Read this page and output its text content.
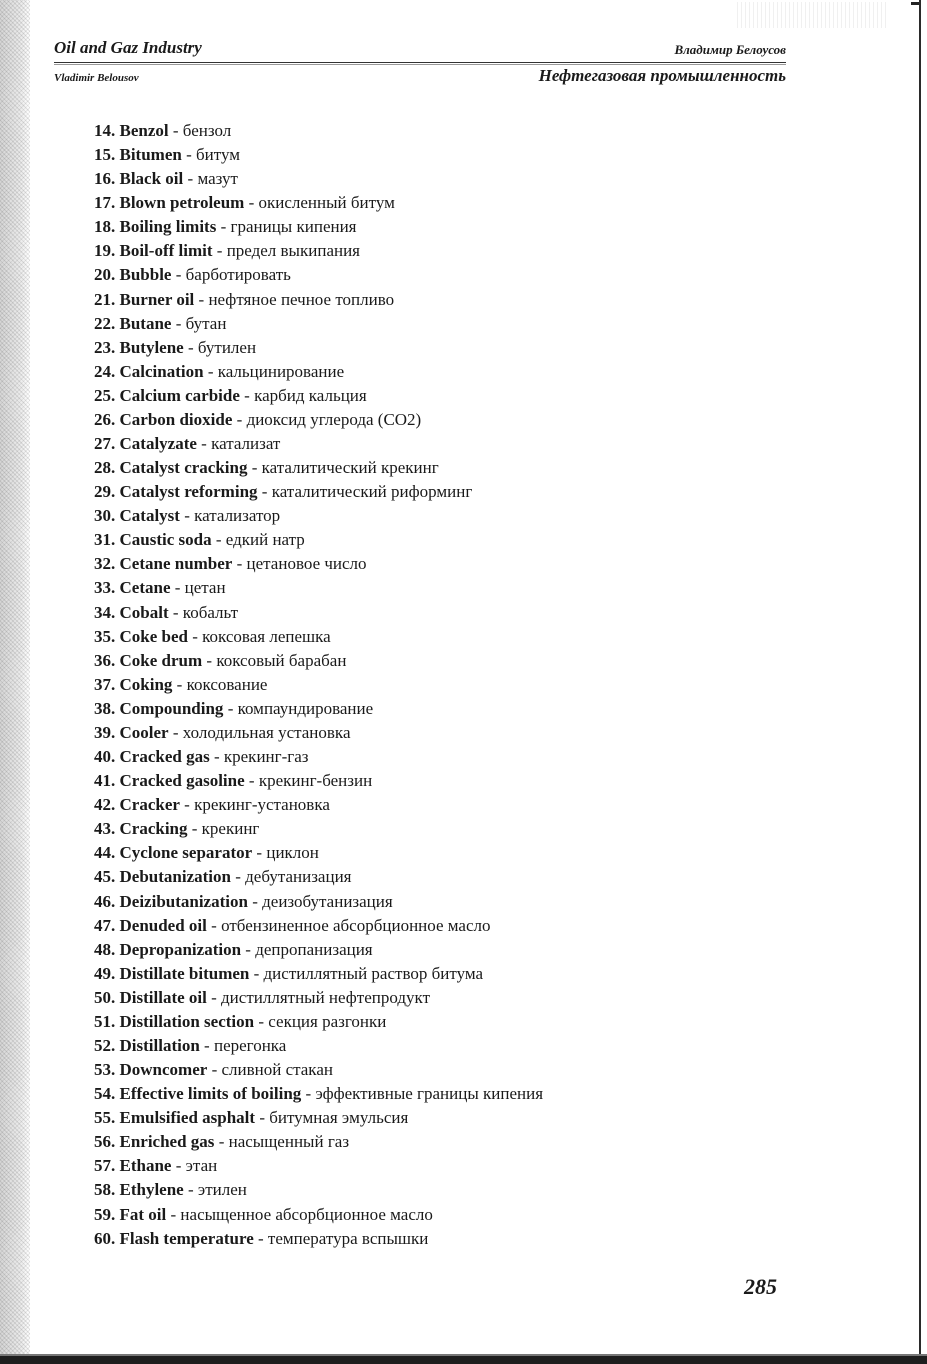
Oil and Gaz Industry	Владимир Белоусов
Vladimir Belousov	Нефтегазовая промышленность
14. Benzol - бензол
15. Bitumen - битум
16. Black oil - мазут
17. Blown petroleum - окисленный битум
18. Boiling limits - границы кипения
19. Boil-off limit - предел выкипания
20. Bubble - барботировать
21. Burner oil - нефтяное печное топливо
22. Butane - бутан
23. Butylene - бутилен
24. Calcination - кальцинирование
25. Calcium carbide - карбид кальция
26. Carbon dioxide - диоксид углерода (CO2)
27. Catalyzate - катализат
28. Catalyst cracking - каталитический крекинг
29. Catalyst reforming - каталитический риформинг
30. Catalyst - катализатор
31. Caustic soda - едкий натр
32. Cetane number - цетановое число
33. Cetane - цетан
34. Cobalt - кобальт
35. Coke bed - коксовая лепешка
36. Coke drum - коксовый барабан
37. Coking - коксование
38. Compounding - компаундирование
39. Cooler - холодильная установка
40. Cracked gas - крекинг-газ
41. Cracked gasoline - крекинг-бензин
42. Cracker - крекинг-установка
43. Cracking - крекинг
44. Cyclone separator - циклон
45. Debutanization - дебутанизация
46. Deizibutanization - деизобутанизация
47. Denuded oil - отбензиненное абсорбционное масло
48. Depropanization - депропанизация
49. Distillate bitumen - дистиллятный раствор битума
50. Distillate oil - дистиллятный нефтепродукт
51. Distillation section - секция разгонки
52. Distillation - перегонка
53. Downcomer - сливной стакан
54. Effective limits of boiling - эффективные границы кипения
55. Emulsified asphalt - битумная эмульсия
56. Enriched gas - насыщенный газ
57. Ethane - этан
58. Ethylene - этилен
59. Fat oil - насыщенное абсорбционное масло
60. Flash temperature - температура вспышки
285
